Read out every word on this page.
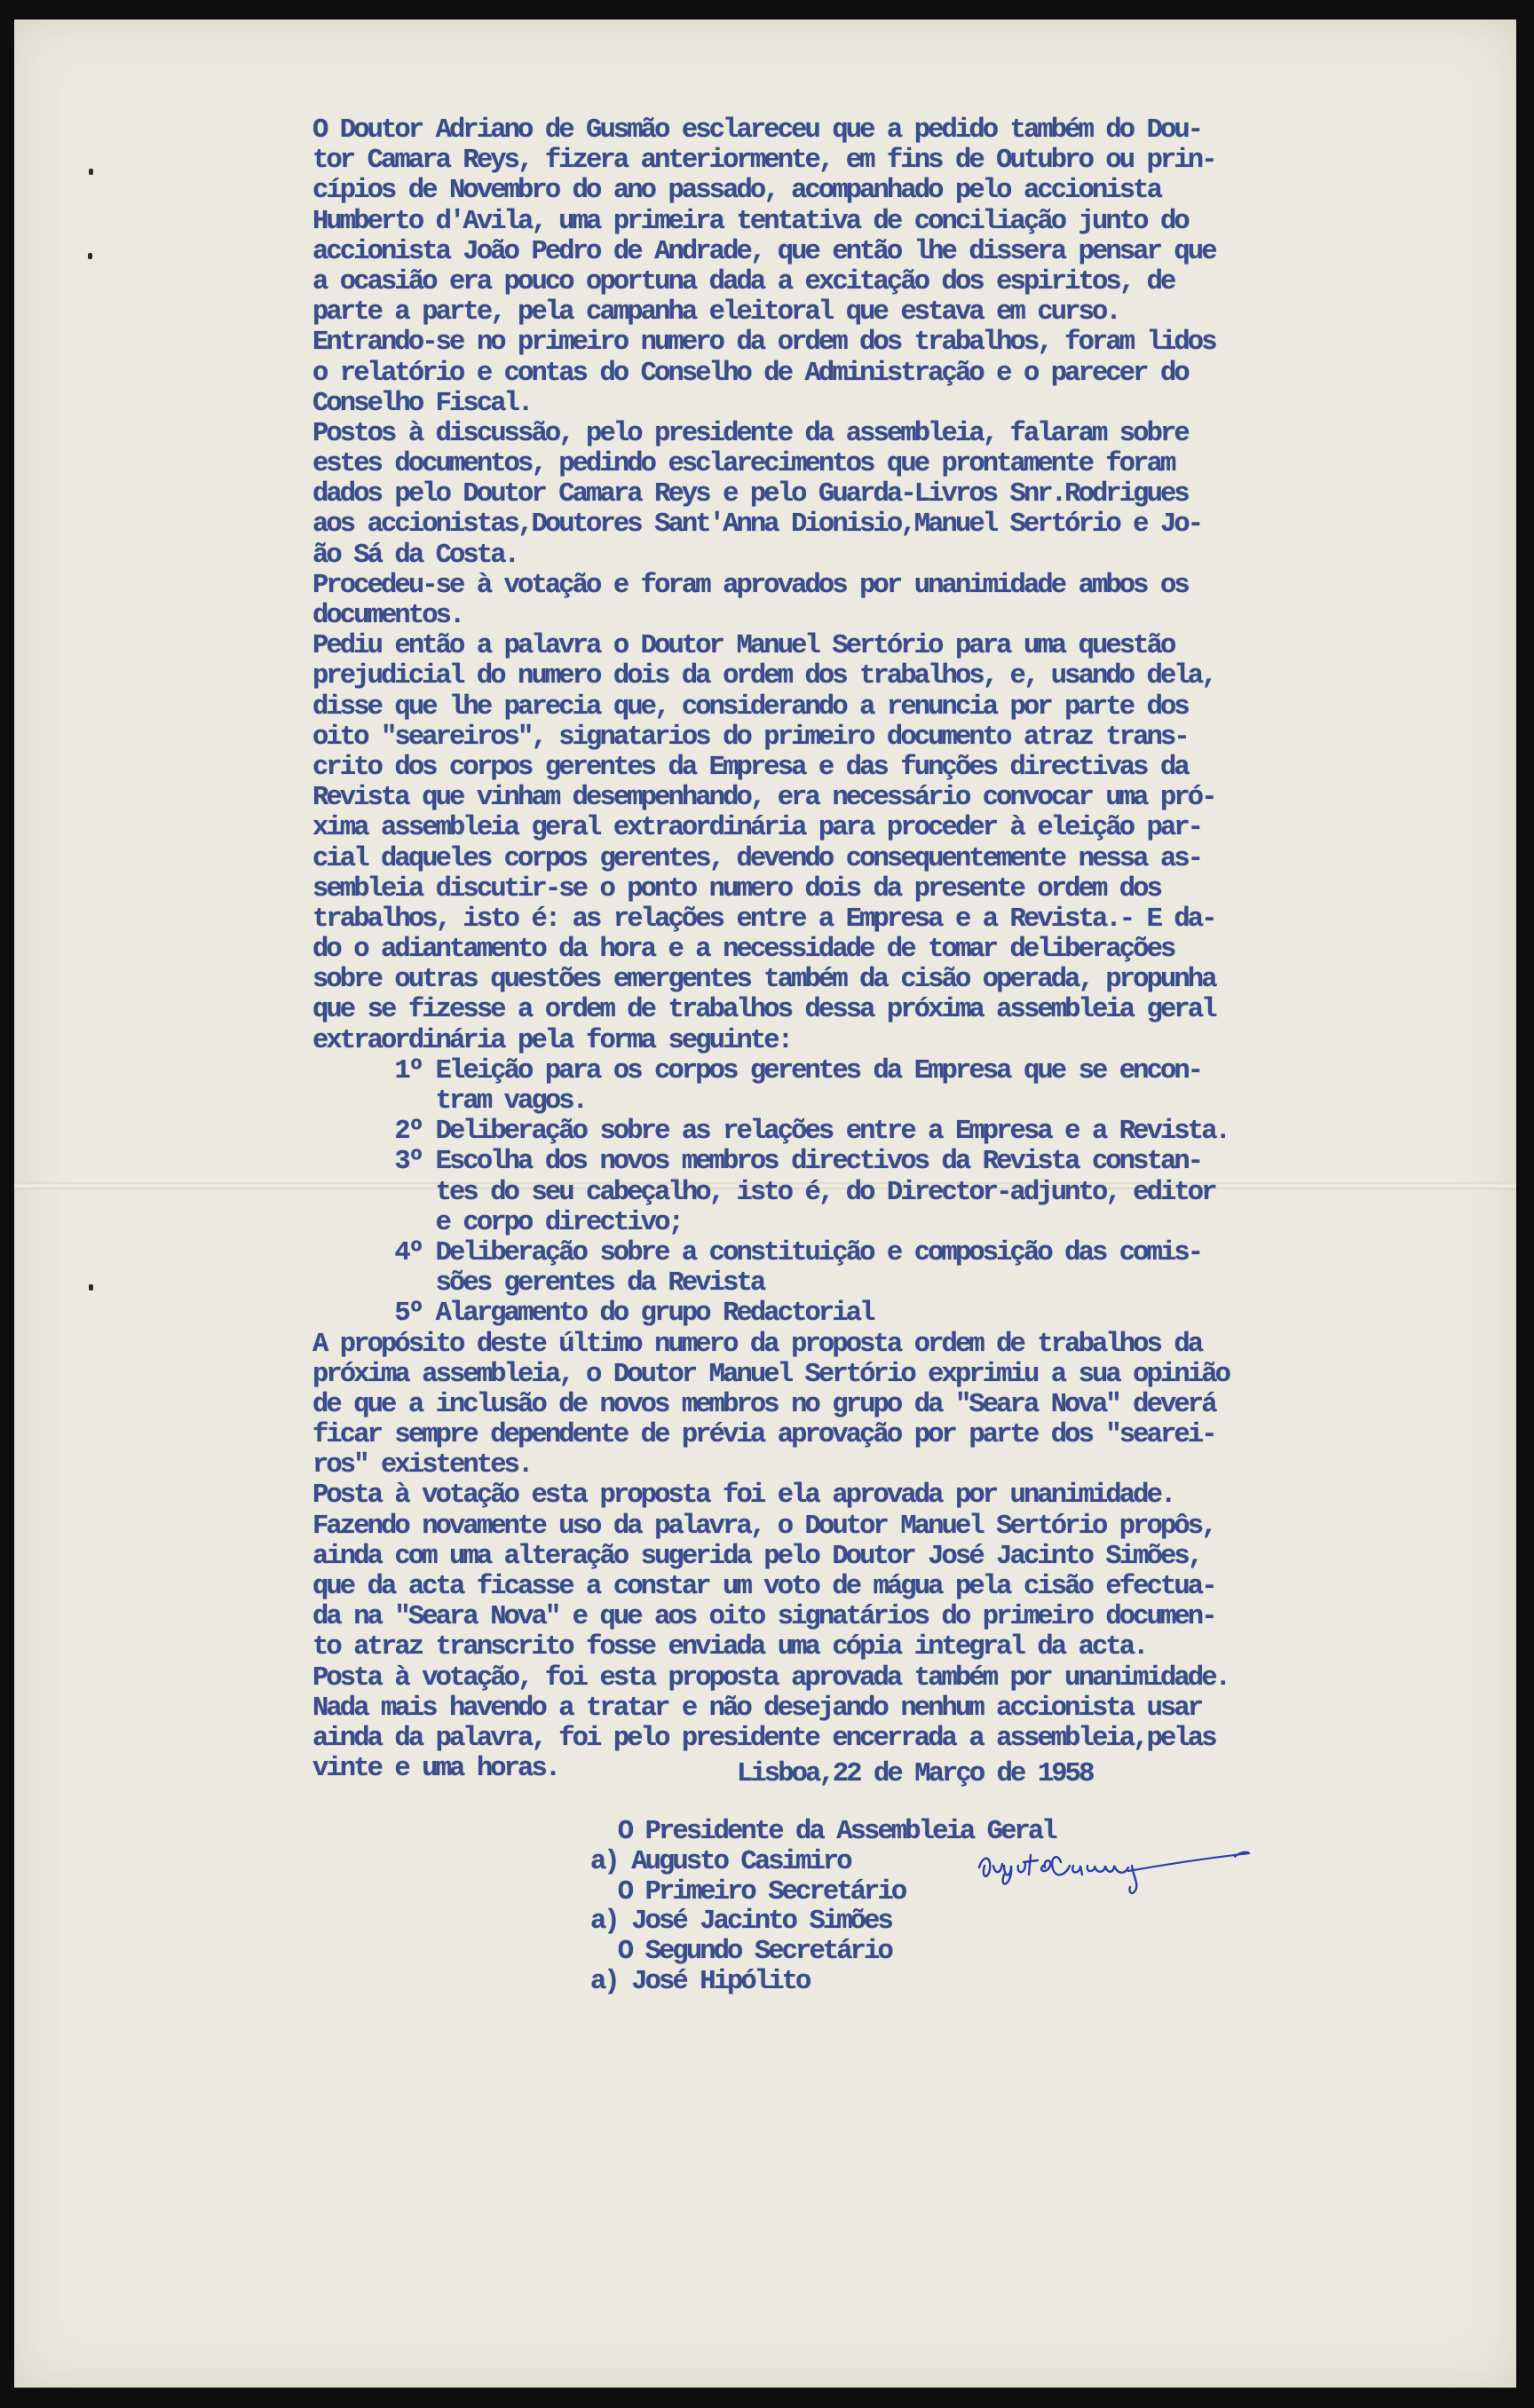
O Doutor Adriano de Gusmão esclareceu que a pedido também do Dou-
tor Camara Reys, fizera anteriormente, em fins de Outubro ou prin-
cípios de Novembro do ano passado, acompanhado pelo accionista
Humberto d'Avila, uma primeira tentativa de conciliação junto do
accionista João Pedro de Andrade, que então lhe dissera pensar que
a ocasião era pouco oportuna dada a excitação dos espiritos, de
parte a parte, pela campanha eleitoral que estava em curso.
Entrando-se no primeiro numero da ordem dos trabalhos, foram lidos
o relatório e contas do Conselho de Administração e o parecer do
Conselho Fiscal.
Postos à discussão, pelo presidente da assembleia, falaram sobre
estes documentos, pedindo esclarecimentos que prontamente foram
dados pelo Doutor Camara Reys e pelo Guarda-Livros Snr.Rodrigues
aos accionistas,Doutores Sant'Anna Dionisio,Manuel Sertório e Jo-
ão Sá da Costa.
Procedeu-se à votação e foram aprovados por unanimidade ambos os
documentos.
Pediu então a palavra o Doutor Manuel Sertório para uma questão
prejudicial do numero dois da ordem dos trabalhos, e, usando dela,
disse que lhe parecia que, considerando a renuncia por parte dos
oito "seareiros", signatarios do primeiro documento atraz trans-
crito dos corpos gerentes da Empresa e das funções directivas da
Revista que vinham desempenhando, era necessário convocar uma pró-
xima assembleia geral extraordinária para proceder à eleição par-
cial daqueles corpos gerentes, devendo consequentemente nessa as-
sembleia discutir-se o ponto numero dois da presente ordem dos
trabalhos, isto é: as relações entre a Empresa e a Revista.- E da-
do o adiantamento da hora e a necessidade de tomar deliberações
sobre outras questões emergentes também da cisão operada, propunha
que se fizesse a ordem de trabalhos dessa próxima assembleia geral
extraordinária pela forma seguinte:
1º Eleição para os corpos gerentes da Empresa que se encon-
tram vagos.
2º Deliberação sobre as relações entre a Empresa e a Revista.
3º Escolha dos novos membros directivos da Revista constan-
tes do seu cabeçalho, isto é, do Director-adjunto, editor
e corpo directivo;
4º Deliberação sobre a constituição e composição das comis-
sões gerentes da Revista
5º Alargamento do grupo Redactorial
A propósito deste último numero da proposta ordem de trabalhos da
próxima assembleia, o Doutor Manuel Sertório exprimiu a sua opinião
de que a inclusão de novos membros no grupo da "Seara Nova" deverá
ficar sempre dependente de prévia aprovação por parte dos "searei-
ros" existentes.
Posta à votação esta proposta foi ela aprovada por unanimidade.
Fazendo novamente uso da palavra, o Doutor Manuel Sertório propôs,
ainda com uma alteração sugerida pelo Doutor José Jacinto Simões,
que da acta ficasse a constar um voto de mágua pela cisão efectua-
da na "Seara Nova" e que aos oito signatários do primeiro documen-
to atraz transcrito fosse enviada uma cópia integral da acta.
Posta à votação, foi esta proposta aprovada também por unanimidade.
Nada mais havendo a tratar e não desejando nenhum accionista usar
ainda da palavra, foi pelo presidente encerrada a assembleia,pelas
vinte e uma horas.	Lisboa,22 de Março de 1958
O Presidente da Assembleia Geral
a) Augusto Casimiro
O Primeiro Secretário
a) José Jacinto Simões
O Segundo Secretário
a) José Hipólito
